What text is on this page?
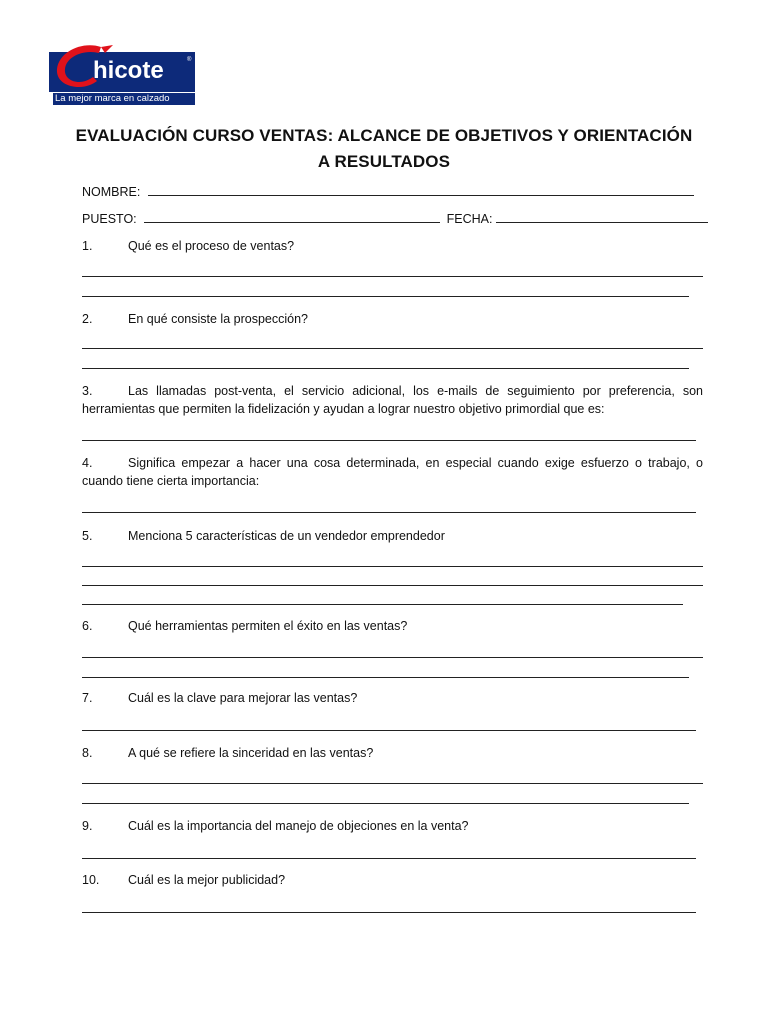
hicote	®
La mejor marca en calzado
EVALUACIÓN CURSO VENTAS: ALCANCE DE OBJETIVOS Y ORIENTACIÓN
A RESULTADOS
NOMBRE:
PUESTO:	FECHA:
1.	Qué es el proceso de ventas?
2.	En qué consiste la prospección?
3.	Las llamadas post-venta, el servicio adicional, los e-mails de seguimiento por preferencia, son herramientas que permiten la fidelización y ayudan a lograr nuestro objetivo primordial que es:
4.	Significa empezar a hacer una cosa determinada, en especial cuando exige esfuerzo o trabajo, o cuando tiene cierta importancia:
5.	Menciona 5 características de un vendedor emprendedor
6.	Qué herramientas permiten el éxito en las ventas?
7.	Cuál es la clave para mejorar las ventas?
8.	A qué se refiere la sinceridad en las ventas?
9.	Cuál es la importancia del manejo de objeciones en la venta?
10. Cuál es la mejor publicidad?
